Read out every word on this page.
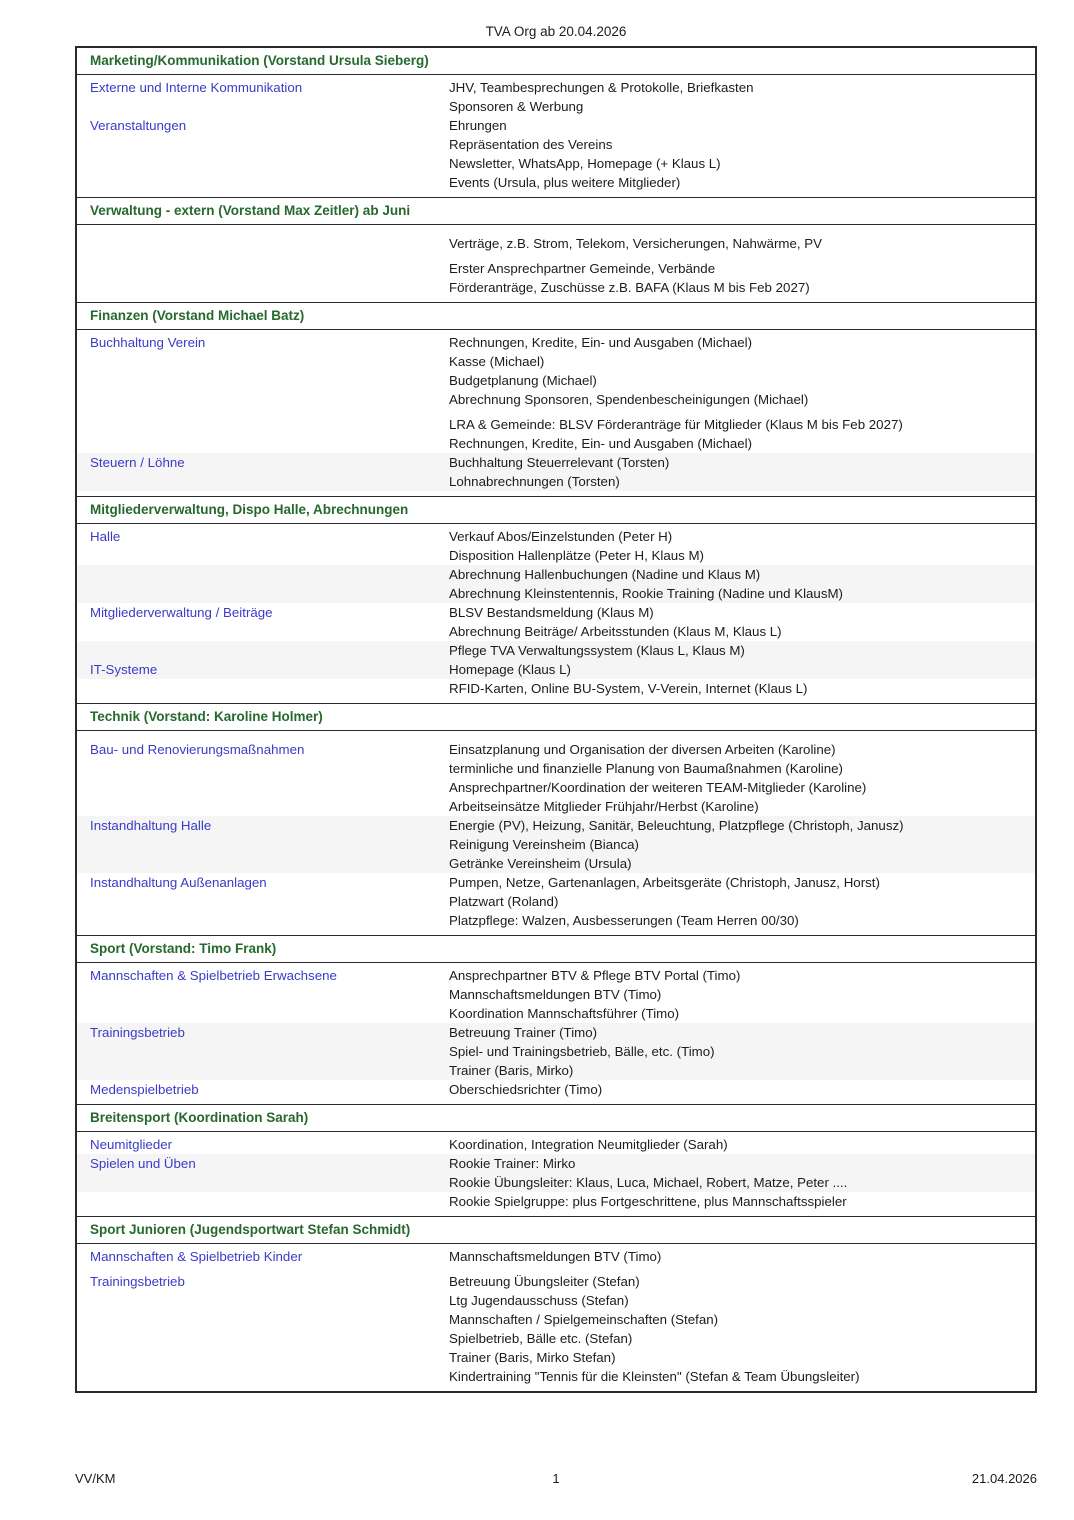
TVA Org ab 20.04.2026
Marketing/Kommunikation (Vorstand Ursula Sieberg)
Externe und Interne Kommunikation	JHV, Teambesprechungen & Protokolle, Briefkasten
Sponsoren & Werbung
Veranstaltungen	Ehrungen
Repräsentation des Vereins
Newsletter, WhatsApp, Homepage (+ Klaus L)
Events (Ursula, plus weitere Mitglieder)
Verwaltung - extern (Vorstand Max Zeitler) ab Juni
Verträge, z.B. Strom, Telekom, Versicherungen, Nahwärme, PV
Erster Ansprechpartner Gemeinde, Verbände
Förderanträge, Zuschüsse z.B. BAFA (Klaus M bis Feb 2027)
Finanzen (Vorstand Michael Batz)
Buchhaltung Verein	Rechnungen, Kredite, Ein- und Ausgaben (Michael)
Kasse (Michael)
Budgetplanung (Michael)
Abrechnung Sponsoren, Spendenbescheinigungen (Michael)
LRA & Gemeinde: BLSV Förderanträge für Mitglieder (Klaus M bis Feb 2027)
Rechnungen, Kredite, Ein- und Ausgaben (Michael)
Steuern / Löhne	Buchhaltung Steuerrelevant (Torsten)
Lohnabrechnungen (Torsten)
Mitgliederverwaltung, Dispo Halle, Abrechnungen
Halle	Verkauf Abos/Einzelstunden (Peter H)
Disposition Hallenplätze (Peter H, Klaus M)
Abrechnung Hallenbuchungen (Nadine und Klaus M)
Abrechnung Kleinstentennis, Rookie Training (Nadine und KlausM)
Mitgliederverwaltung / Beiträge	BLSV Bestandsmeldung (Klaus M)
Abrechnung Beiträge/ Arbeitsstunden (Klaus M, Klaus L)
Pflege TVA Verwaltungssystem (Klaus L, Klaus M)
IT-Systeme	Homepage (Klaus L)
RFID-Karten, Online BU-System, V-Verein, Internet (Klaus L)
Technik (Vorstand: Karoline Holmer)
Bau- und Renovierungsmaßnahmen	Einsatzplanung und Organisation der diversen Arbeiten (Karoline)
terminliche und finanzielle Planung von Baumaßnahmen (Karoline)
Ansprechpartner/Koordination der weiteren TEAM-Mitglieder (Karoline)
Arbeitseinsätze Mitglieder Frühjahr/Herbst (Karoline)
Instandhaltung Halle	Energie (PV), Heizung, Sanitär, Beleuchtung, Platzpflege (Christoph, Janusz)
Reinigung Vereinsheim (Bianca)
Getränke Vereinsheim (Ursula)
Instandhaltung Außenanlagen	Pumpen, Netze, Gartenanlagen, Arbeitsgeräte (Christoph, Janusz, Horst)
Platzwart (Roland)
Platzpflege: Walzen, Ausbesserungen (Team Herren 00/30)
Sport (Vorstand: Timo Frank)
Mannschaften & Spielbetrieb Erwachsene	Ansprechpartner BTV & Pflege BTV Portal (Timo)
Mannschaftsmeldungen BTV (Timo)
Koordination Mannschaftsführer (Timo)
Trainingsbetrieb	Betreuung Trainer (Timo)
Spiel- und Trainingsbetrieb, Bälle, etc. (Timo)
Trainer (Baris, Mirko)
Medenspielbetrieb	Oberschiedsrichter (Timo)
Breitensport (Koordination Sarah)
Neumitglieder	Koordination, Integration Neumitglieder (Sarah)
Spielen und Üben	Rookie Trainer: Mirko
Rookie Übungsleiter: Klaus, Luca, Michael, Robert, Matze, Peter ....
Rookie Spielgruppe: plus Fortgeschrittene, plus Mannschaftsspieler
Sport Junioren (Jugendsportwart Stefan Schmidt)
Mannschaften & Spielbetrieb Kinder	Mannschaftsmeldungen BTV (Timo)
Trainingsbetrieb	Betreuung Übungsleiter (Stefan)
Ltg Jugendausschuss (Stefan)
Mannschaften / Spielgemeinschaften (Stefan)
Spielbetrieb, Bälle etc. (Stefan)
Trainer (Baris, Mirko Stefan)
Kindertraining "Tennis für die Kleinsten" (Stefan & Team Übungsleiter)
VV/KM	1	21.04.2026
